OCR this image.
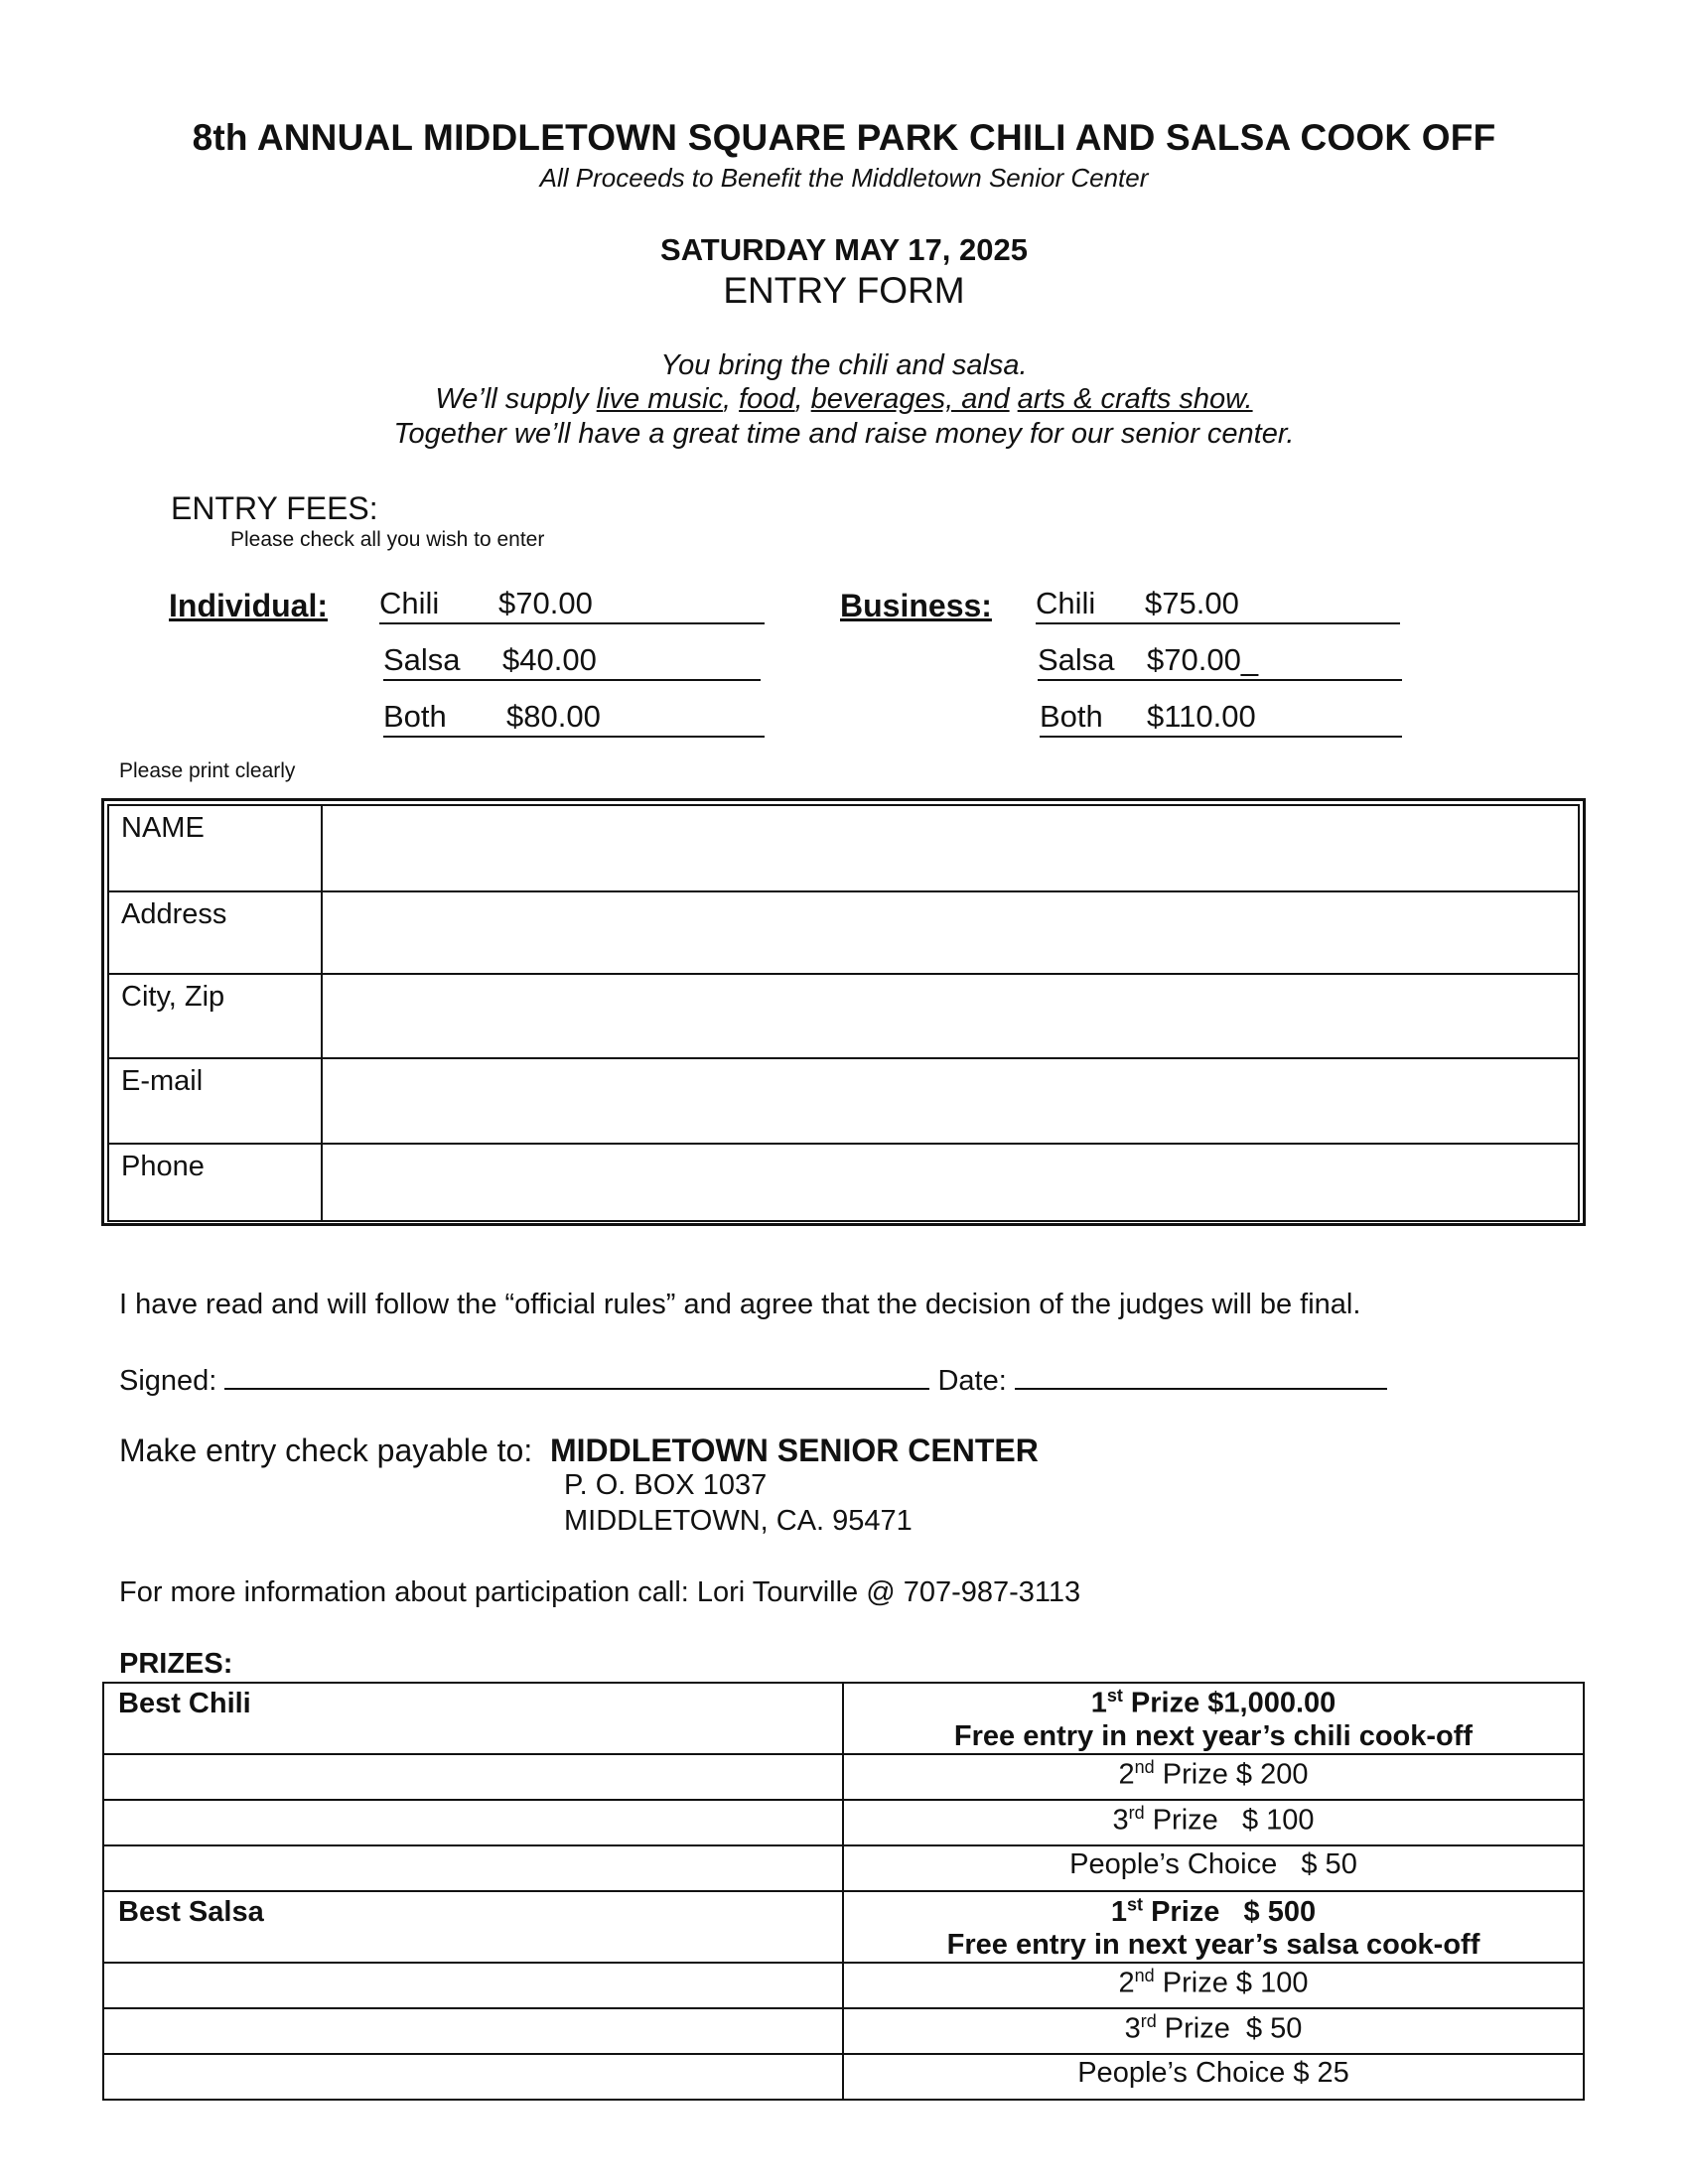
8th ANNUAL MIDDLETOWN SQUARE PARK CHILI AND SALSA COOK OFF
All Proceeds to Benefit the Middletown Senior Center
SATURDAY MAY 17, 2025
ENTRY FORM
You bring the chili and salsa.
We’ll supply live music, food, beverages, and arts & crafts show.
Together we’ll have a great time and raise money for our senior center.
ENTRY FEES:
Please check all you wish to enter
Individual: Chili $70.00
Salsa $40.00
Both $80.00
Business: Chili $75.00
Salsa $70.00_
Both $110.00
Please print clearly
NAME	
Address	
City, Zip	
E-mail	
Phone	
I have read and will follow the “official rules” and agree that the decision of the judges will be final.
Signed:	Date:
Make entry check payable to: MIDDLETOWN SENIOR CENTER
P. O. BOX 1037
MIDDLETOWN, CA. 95471
For more information about participation call: Lori Tourville @ 707-987-3113
PRIZES:
Best Chili	1st Prize $1,000.00
Free entry in next year’s chili cook-off
	2nd Prize $ 200
	3rd Prize   $ 100
	People’s Choice   $ 50
Best Salsa	1st Prize   $ 500
Free entry in next year’s salsa cook-off
	2nd Prize $ 100
	3rd Prize  $ 50
	People’s Choice $ 25
